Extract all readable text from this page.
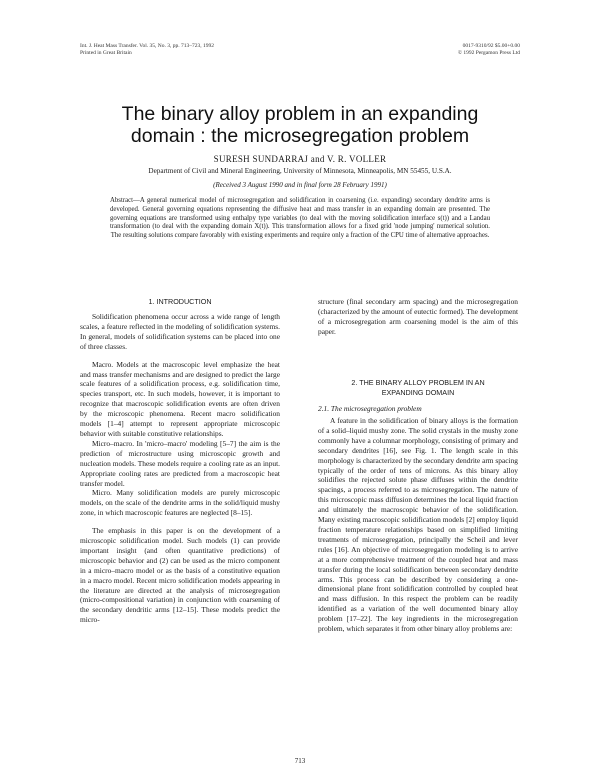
Int. J. Heat Mass Transfer. Vol. 35, No. 3, pp. 713–723, 1992
Printed in Great Britain
0017-9310/92 $5.00+0.00
© 1992 Pergamon Press Ltd
The binary alloy problem in an expanding
domain : the microsegregation problem
SURESH SUNDARRAJ and V. R. VOLLER
Department of Civil and Mineral Engineering, University of Minnesota, Minneapolis, MN 55455, U.S.A.
(Received 3 August 1990 and in final form 28 February 1991)
Abstract—A general numerical model of microsegregation and solidification in coarsening (i.e. expanding) secondary dendrite arms is developed. General governing equations representing the diffusive heat and mass transfer in an expanding domain are presented. The governing equations are transformed using enthalpy type variables (to deal with the moving solidification interface s(t)) and a Landau transformation (to deal with the expanding domain X(t)). This transformation allows for a fixed grid 'node jumping' numerical solution. The resulting solutions compare favorably with existing experiments and require only a fraction of the CPU time of alternative approaches.
1. INTRODUCTION

Solidification phenomena occur across a wide range of length scales, a feature reflected in the modeling of solidification systems. In general, models of solidification systems can be placed into one of three classes.

Macro. Models at the macroscopic level emphasize the heat and mass transfer mechanisms and are designed to predict the large scale features of a solidification process, e.g. solidification time, species transport, etc. In such models, however, it is important to recognize that macroscopic solidification events are often driven by the microscopic phenomena. Recent macro solidification models [1–4] attempt to represent appropriate microscopic behavior with suitable constitutive relationships.

Micro–macro. In 'micro–macro' modeling [5–7] the aim is the prediction of microstructure using microscopic growth and nucleation models. These models require a cooling rate as an input. Appropriate cooling rates are predicted from a macroscopic heat transfer model.

Micro. Many solidification models are purely microscopic models, on the scale of the dendrite arms in the solid/liquid mushy zone, in which macroscopic features are neglected [8–15].

The emphasis in this paper is on the development of a microscopic solidification model. Such models (1) can provide important insight (and often quantitative predictions) of microscopic behavior and (2) can be used as the micro component in a micro–macro model or as the basis of a constitutive equation in a macro model. Recent micro solidification models appearing in the literature are directed at the analysis of microsegregation (micro-compositional variation) in conjunction with coarsening of the secondary dendritic arms [12–15]. These models predict the micro-

structure (final secondary arm spacing) and the microsegregation (characterized by the amount of eutectic formed). The development of a microsegregation arm coarsening model is the aim of this paper.

2. THE BINARY ALLOY PROBLEM IN AN
EXPANDING DOMAIN
2.1. The microsegregation problem

A feature in the solidification of binary alloys is the formation of a solid–liquid mushy zone. The solid crystals in the mushy zone commonly have a columnar morphology, consisting of primary and secondary dendrites [16], see Fig. 1. The length scale in this morphology is characterized by the secondary dendrite arm spacing typically of the order of tens of microns. As this binary alloy solidifies the rejected solute phase diffuses within the dendrite spacings, a process referred to as microsegregation. The nature of this microscopic mass diffusion determines the local liquid fraction and ultimately the macroscopic behavior of the solidification. Many existing macroscopic solidification models [2] employ liquid fraction temperature relationships based on simplified limiting treatments of microsegregation, principally the Scheil and lever rules [16]. An objective of microsegregation modeling is to arrive at a more comprehensive treatment of the coupled heat and mass transfer during the local solidification between secondary dendrite arms. This process can be described by considering a one-dimensional plane front solidification controlled by coupled heat and mass diffusion. In this respect the problem can be readily identified as a variation of the well documented binary alloy problem [17–22]. The key ingredients in the microsegregation problem, which separates it from other binary alloy problems are:

713
